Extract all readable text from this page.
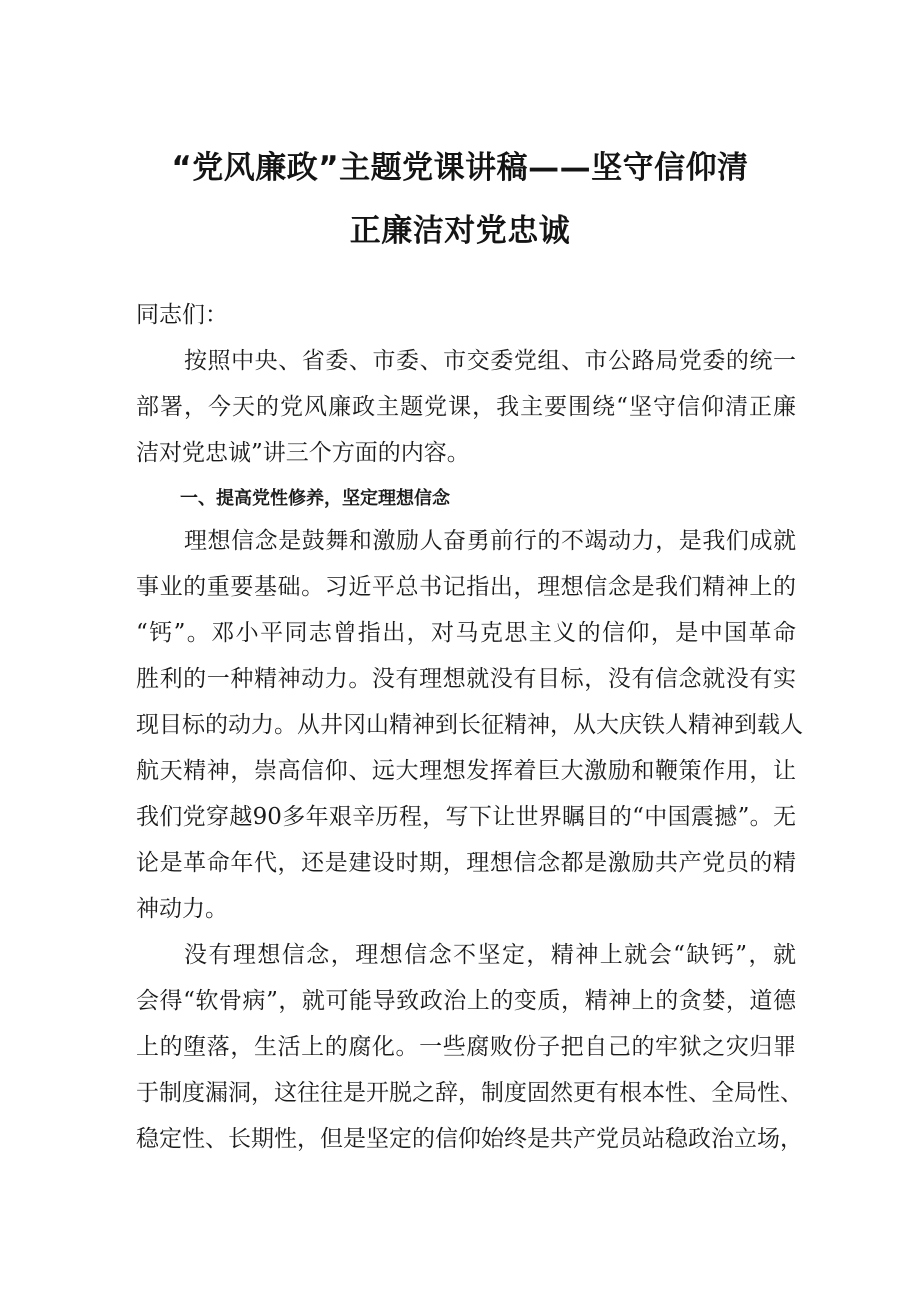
“党风廉政”主题党课讲稿——坚守信仰清
正廉洁对党忠诚
同志们：
按照中央、省委、市委、市交委党组、市公路局党委的统一
部署，今天的党风廉政主题党课，我主要围绕“坚守信仰清正廉
洁对党忠诚”讲三个方面的内容。
一、提高党性修养，坚定理想信念
理想信念是鼓舞和激励人奋勇前行的不竭动力，是我们成就
事业的重要基础。习近平总书记指出，理想信念是我们精神上的
“钙”。邓小平同志曾指出，对马克思主义的信仰，是中国革命
胜利的一种精神动力。没有理想就没有目标，没有信念就没有实
现目标的动力。从井冈山精神到长征精神，从大庆铁人精神到载人
航天精神，崇高信仰、远大理想发挥着巨大激励和鞭策作用，让
我们党穿越90多年艰辛历程，写下让世界瞩目的“中国震撼”。无
论是革命年代，还是建设时期，理想信念都是激励共产党员的精
神动力。
没有理想信念，理想信念不坚定，精神上就会“缺钙”，就
会得“软骨病”，就可能导致政治上的变质，精神上的贪婪，道德
上的堕落，生活上的腐化。一些腐败份子把自己的牢狱之灾归罪
于制度漏洞，这往往是开脱之辞，制度固然更有根本性、全局性、
稳定性、长期性，但是坚定的信仰始终是共产党员站稳政治立场，
